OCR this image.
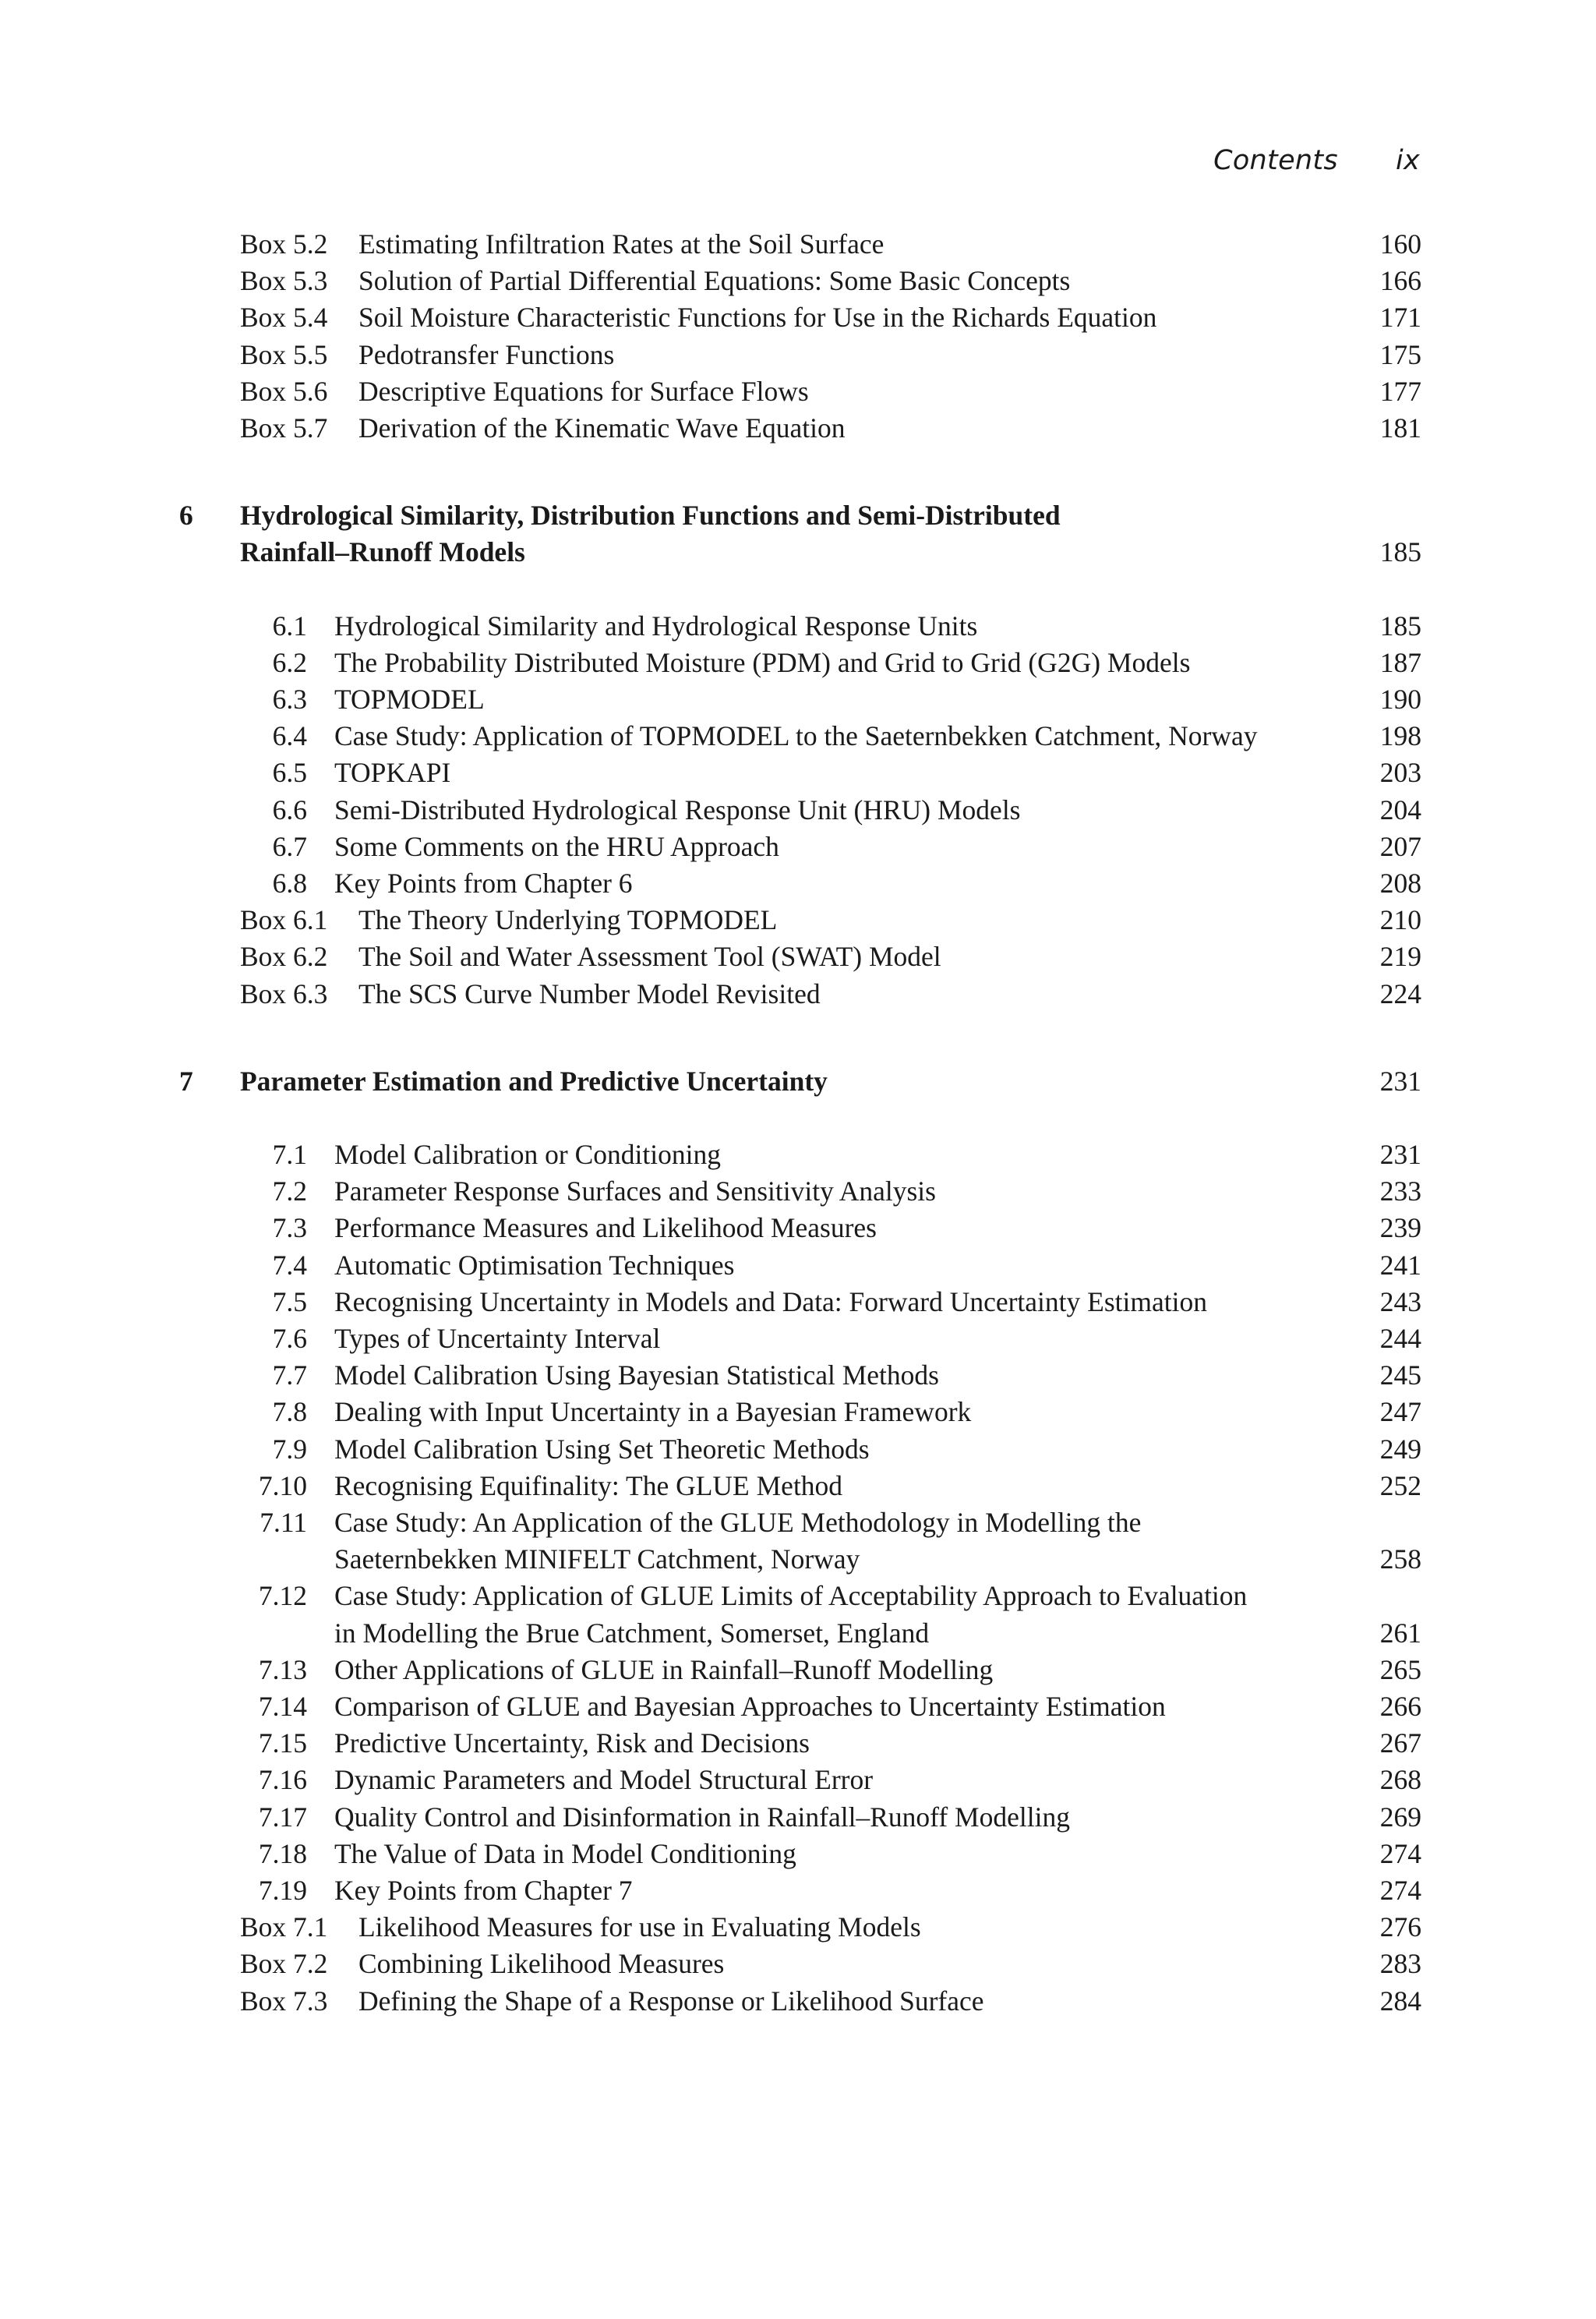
Contents ix
Box 5.2 Estimating Infiltration Rates at the Soil Surface	160
Box 5.3 Solution of Partial Differential Equations: Some Basic Concepts	166
Box 5.4 Soil Moisture Characteristic Functions for Use in the Richards Equation	171
Box 5.5 Pedotransfer Functions	175
Box 5.6 Descriptive Equations for Surface Flows	177
Box 5.7 Derivation of the Kinematic Wave Equation	181
6 Hydrological Similarity, Distribution Functions and Semi-Distributed
Rainfall–Runoff Models	185
6.1 Hydrological Similarity and Hydrological Response Units	185
6.2 The Probability Distributed Moisture (PDM) and Grid to Grid (G2G) Models	187
6.3 TOPMODEL	190
6.4 Case Study: Application of TOPMODEL to the Saeternbekken Catchment, Norway	198
6.5 TOPKAPI	203
6.6 Semi-Distributed Hydrological Response Unit (HRU) Models	204
6.7 Some Comments on the HRU Approach	207
6.8 Key Points from Chapter 6	208
Box 6.1 The Theory Underlying TOPMODEL	210
Box 6.2 The Soil and Water Assessment Tool (SWAT) Model	219
Box 6.3 The SCS Curve Number Model Revisited	224
7 Parameter Estimation and Predictive Uncertainty	231
7.1 Model Calibration or Conditioning	231
7.2 Parameter Response Surfaces and Sensitivity Analysis	233
7.3 Performance Measures and Likelihood Measures	239
7.4 Automatic Optimisation Techniques	241
7.5 Recognising Uncertainty in Models and Data: Forward Uncertainty Estimation	243
7.6 Types of Uncertainty Interval	244
7.7 Model Calibration Using Bayesian Statistical Methods	245
7.8 Dealing with Input Uncertainty in a Bayesian Framework	247
7.9 Model Calibration Using Set Theoretic Methods	249
7.10 Recognising Equifinality: The GLUE Method	252
7.11 Case Study: An Application of the GLUE Methodology in Modelling the
Saeternbekken MINIFELT Catchment, Norway	258
7.12 Case Study: Application of GLUE Limits of Acceptability Approach to Evaluation
in Modelling the Brue Catchment, Somerset, England	261
7.13 Other Applications of GLUE in Rainfall–Runoff Modelling	265
7.14 Comparison of GLUE and Bayesian Approaches to Uncertainty Estimation	266
7.15 Predictive Uncertainty, Risk and Decisions	267
7.16 Dynamic Parameters and Model Structural Error	268
7.17 Quality Control and Disinformation in Rainfall–Runoff Modelling	269
7.18 The Value of Data in Model Conditioning	274
7.19 Key Points from Chapter 7	274
Box 7.1 Likelihood Measures for use in Evaluating Models	276
Box 7.2 Combining Likelihood Measures	283
Box 7.3 Defining the Shape of a Response or Likelihood Surface	284
